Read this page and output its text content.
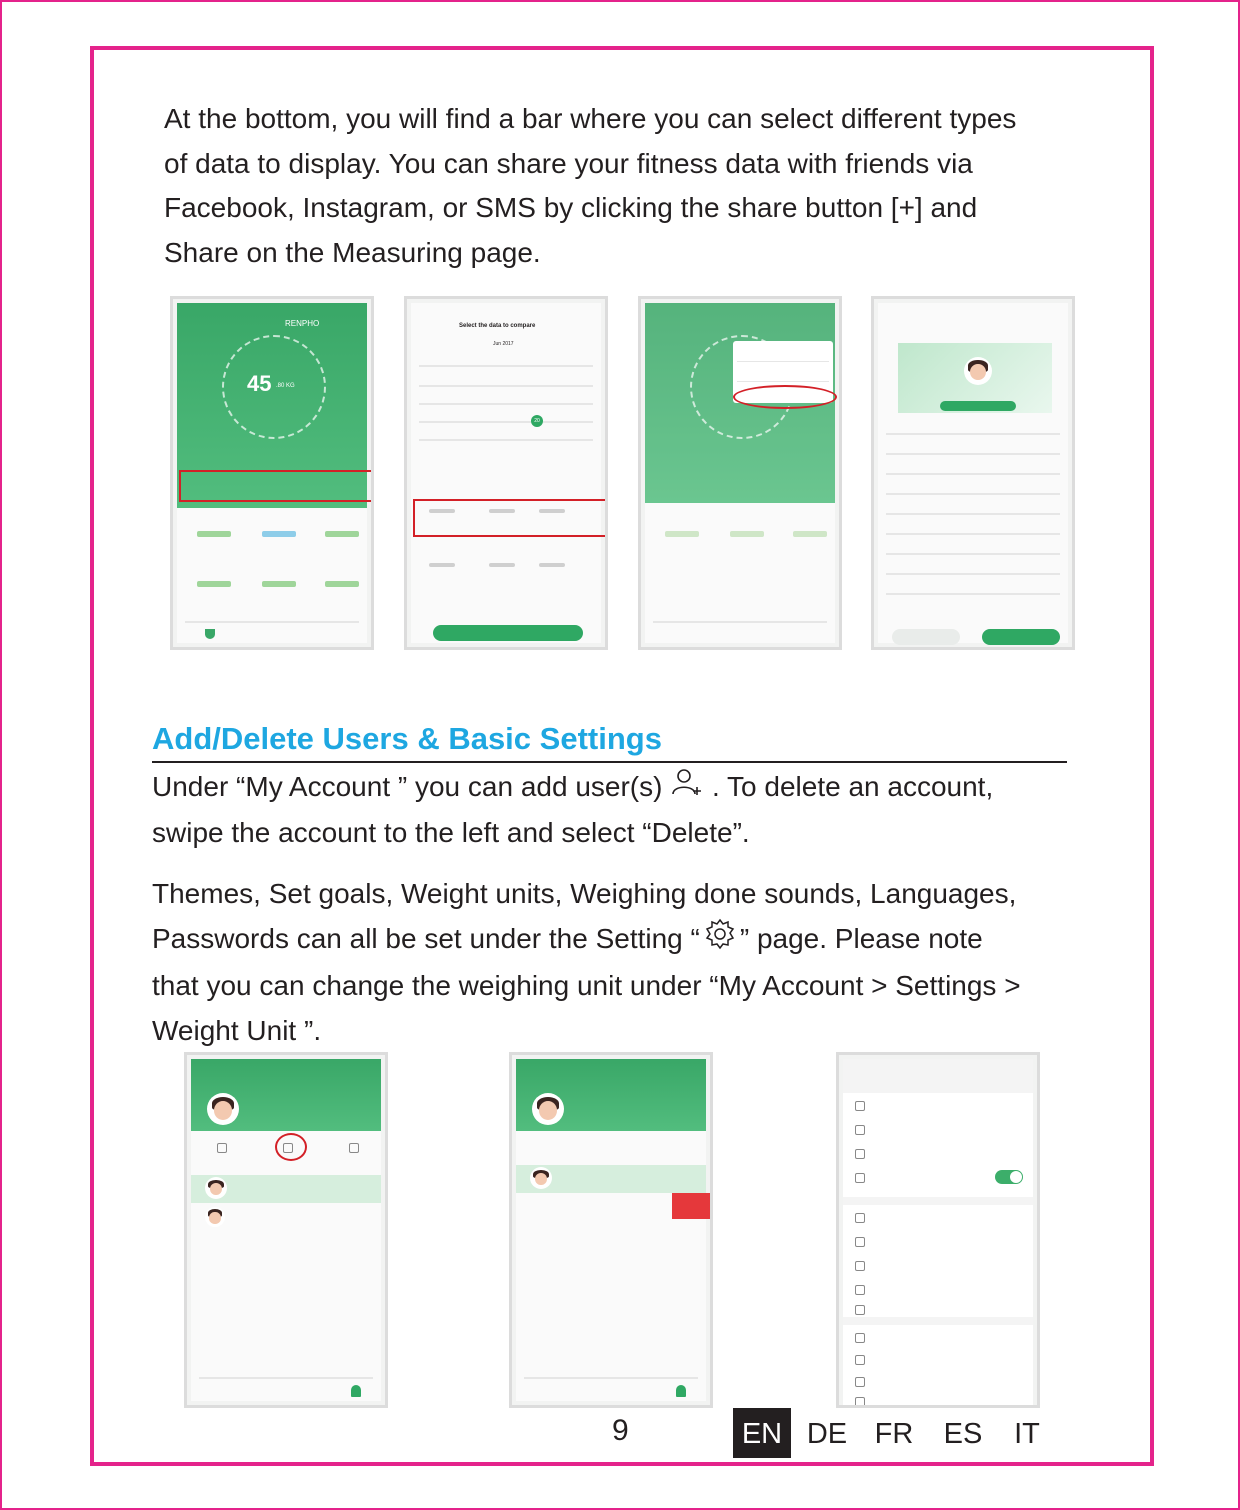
At the bottom, you will find a bar where you can select different types
of data to display. You can share your fitness data with friends via
Facebook, Instagram, or SMS by clicking the share button [+] and
Share on the Measuring page.
RENPHO
45 .80 KG
Select the data to compare
Jun 2017
20
Add/Delete Users & Basic Settings
Under “My Account ” you can add user(s)  . To delete an account,
swipe the account to the left and select “Delete”.
Themes, Set goals, Weight units, Weighing done sounds, Languages,
Passwords can all be set under the Setting “ ” page. Please note
that you can change the weighing unit under “My Account > Settings >
Weight Unit ”.
9	EN DE FR ES	IT
